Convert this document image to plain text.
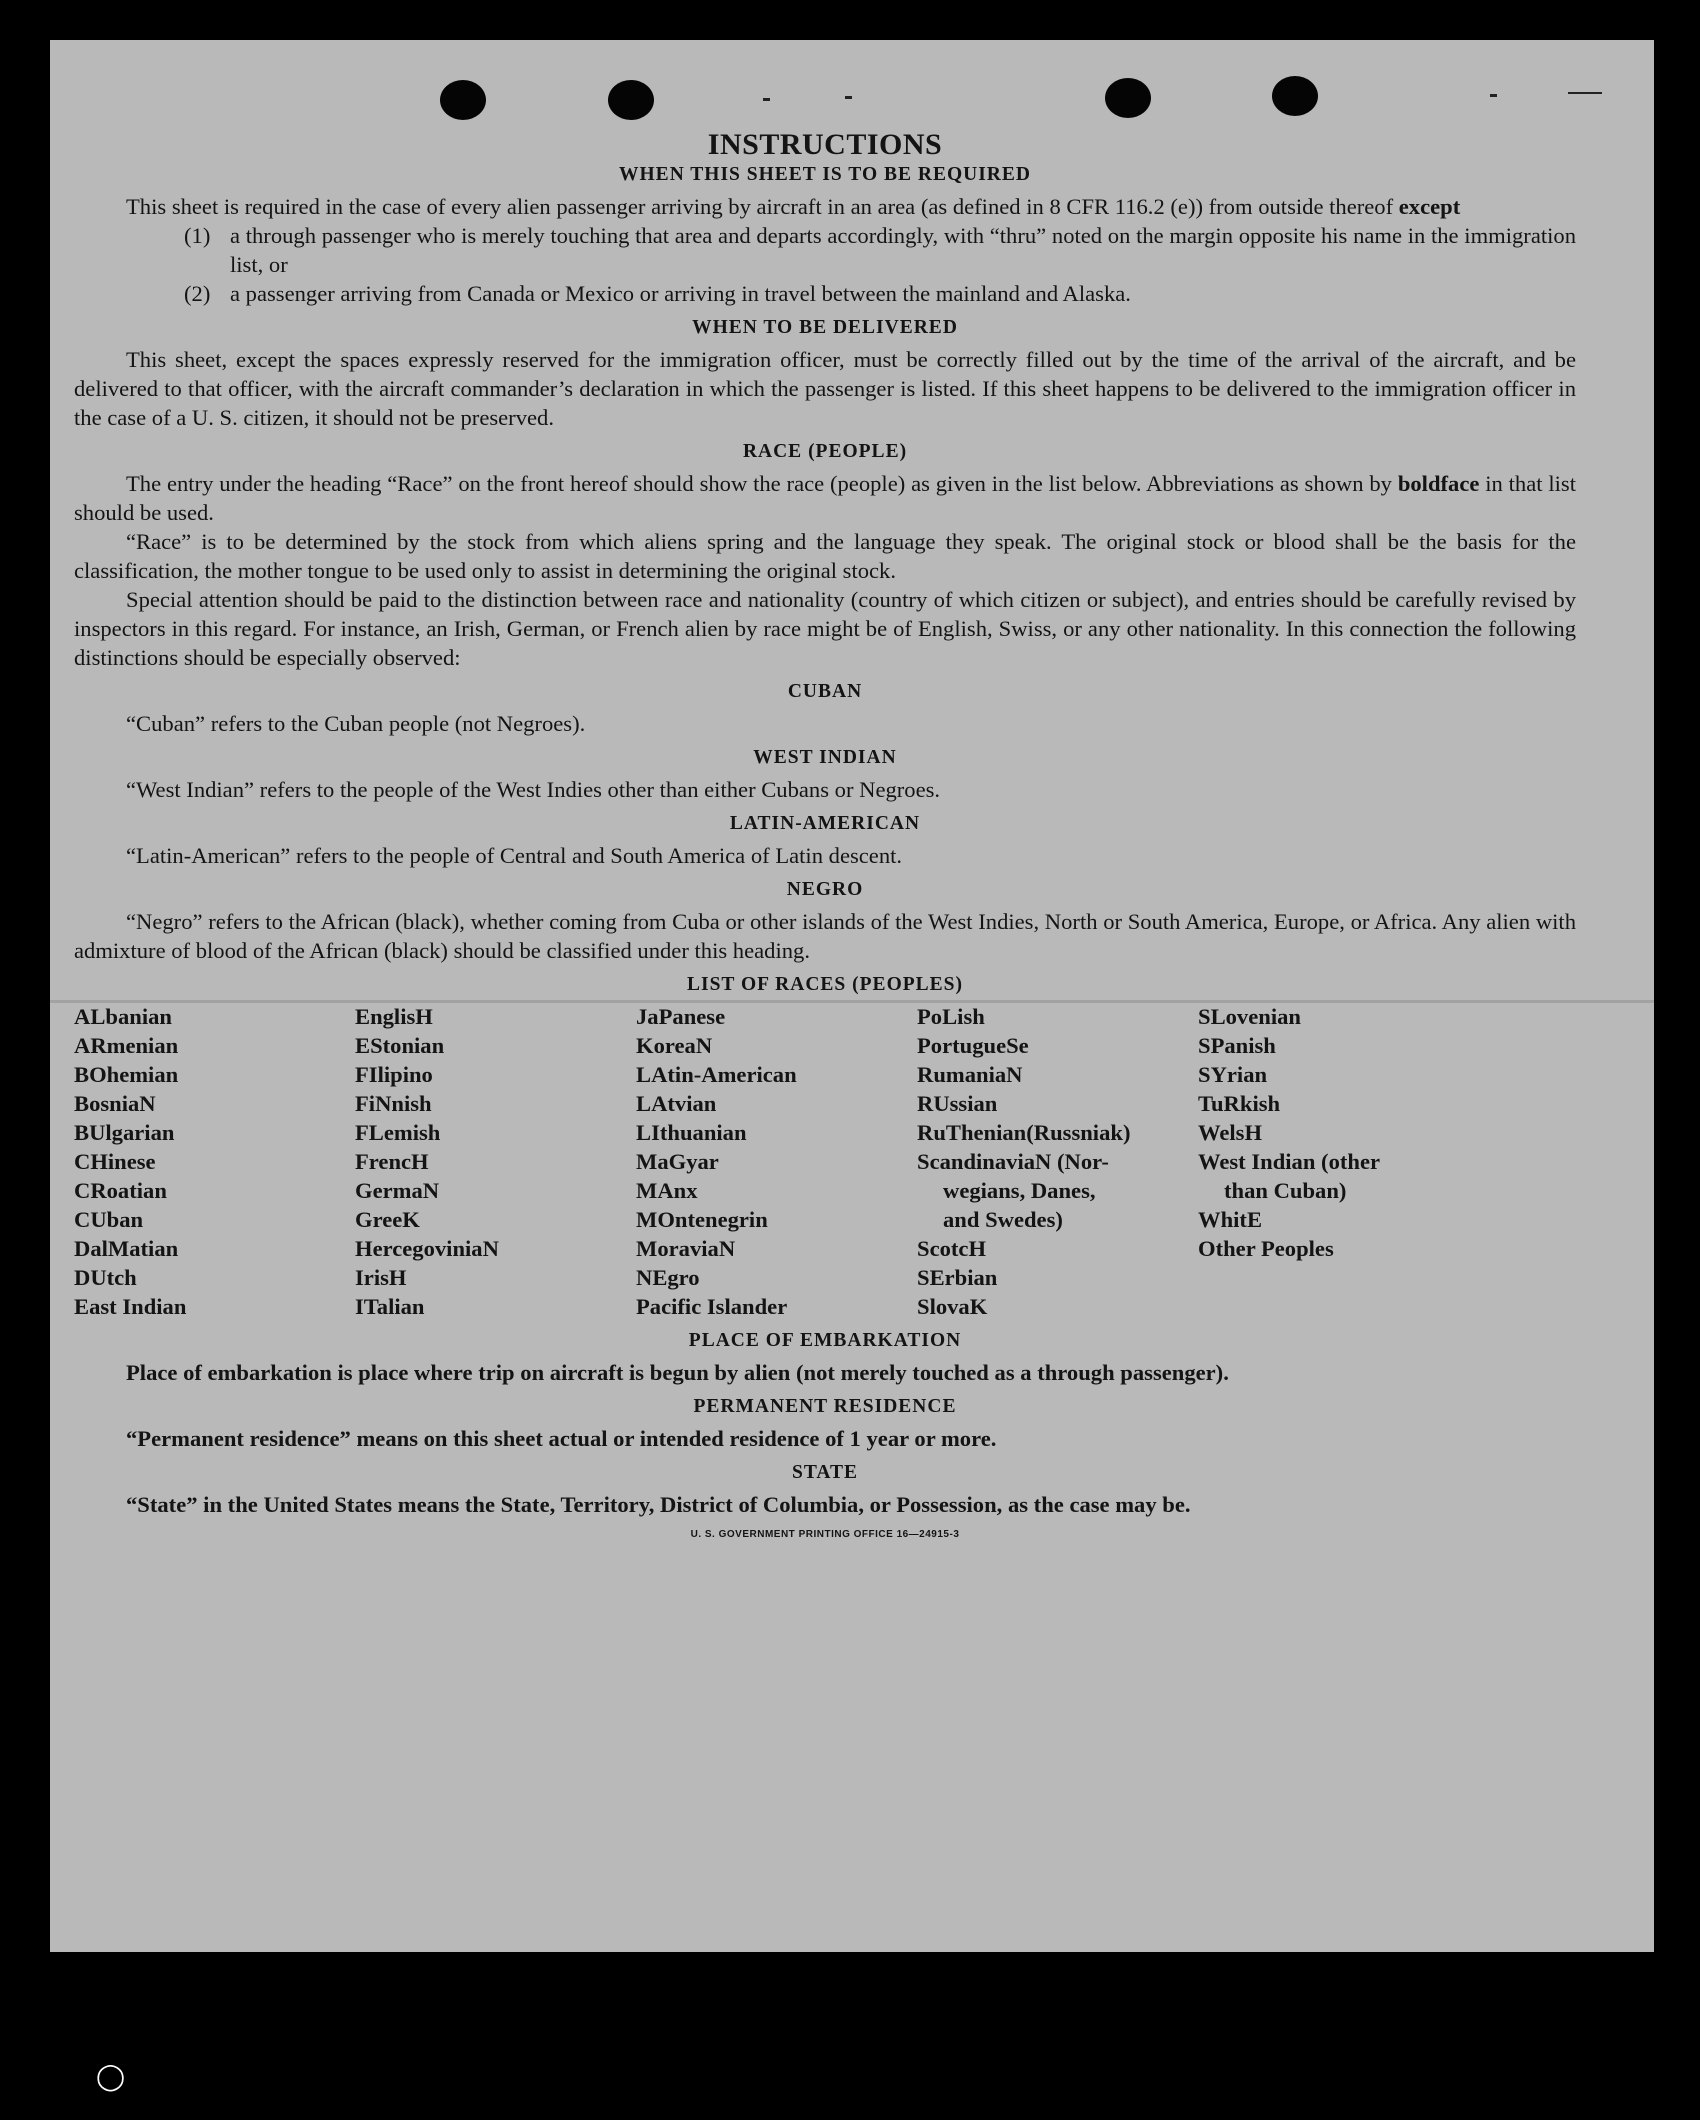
INSTRUCTIONS
WHEN THIS SHEET IS TO BE REQUIRED

This sheet is required in the case of every alien passenger arriving by aircraft in an area (as defined in 8 CFR 116.2 (e)) from outside thereof except

(1) a through passenger who is merely touching that area and departs accordingly, with “thru” noted on the margin opposite his name in the immigration list, or
(2) a passenger arriving from Canada or Mexico or arriving in travel between the mainland and Alaska.
WHEN TO BE DELIVERED

This sheet, except the spaces expressly reserved for the immigration officer, must be correctly filled out by the time of the arrival of the aircraft, and be delivered to that officer, with the aircraft commander’s declaration in which the passenger is listed. If this sheet happens to be delivered to the immigration officer in the case of a U. S. citizen, it should not be preserved.

RACE (PEOPLE)

The entry under the heading “Race” on the front hereof should show the race (people) as given in the list below. Abbreviations as shown by boldface in that list should be used.

“Race” is to be determined by the stock from which aliens spring and the language they speak. The original stock or blood shall be the basis for the classification, the mother tongue to be used only to assist in determining the original stock.

Special attention should be paid to the distinction between race and nationality (country of which citizen or subject), and entries should be carefully revised by inspectors in this regard. For instance, an Irish, German, or French alien by race might be of English, Swiss, or any other nationality. In this connection the following distinctions should be especially observed:

CUBAN

“Cuban” refers to the Cuban people (not Negroes).

WEST INDIAN

“West Indian” refers to the people of the West Indies other than either Cubans or Negroes.

LATIN-AMERICAN

“Latin-American” refers to the people of Central and South America of Latin descent.

NEGRO

“Negro” refers to the African (black), whether coming from Cuba or other islands of the West Indies, North or South America, Europe, or Africa. Any alien with admixture of blood of the African (black) should be classified under this heading.

LIST OF RACES (PEOPLES)
ALbanian
ARmenian
BOhemian
BosniaN
BUlgarian
CHinese
CRoatian
CUban
DalMatian
DUtch
East Indian
EnglisH
EStonian
FIlipino
FiNnish
FLemish
FrencH
GermaN
GreeK
HercegoviniaN
IrisH
ITalian
JaPanese
KoreaN
LAtin-American
LAtvian
LIthuanian
MaGyar
MAnx
MOntenegrin
MoraviaN
NEgro
Pacific Islander
PoLish
PortugueSe
RumaniaN
RUssian
RuThenian(Russniak)
ScandinaviaN (Nor-
wegians, Danes,
and Swedes)
ScotcH
SErbian
SlovaK
SLovenian
SPanish
SYrian
TuRkish
WelsH
West Indian (other
than Cuban)
WhitE
Other Peoples
PLACE OF EMBARKATION

Place of embarkation is place where trip on aircraft is begun by alien (not merely touched as a through passenger).

PERMANENT RESIDENCE

“Permanent residence” means on this sheet actual or intended residence of 1 year or more.

STATE

“State” in the United States means the State, Territory, District of Columbia, or Possession, as the case may be.

U. S. GOVERNMENT PRINTING OFFICE 16—24915-3
◯
